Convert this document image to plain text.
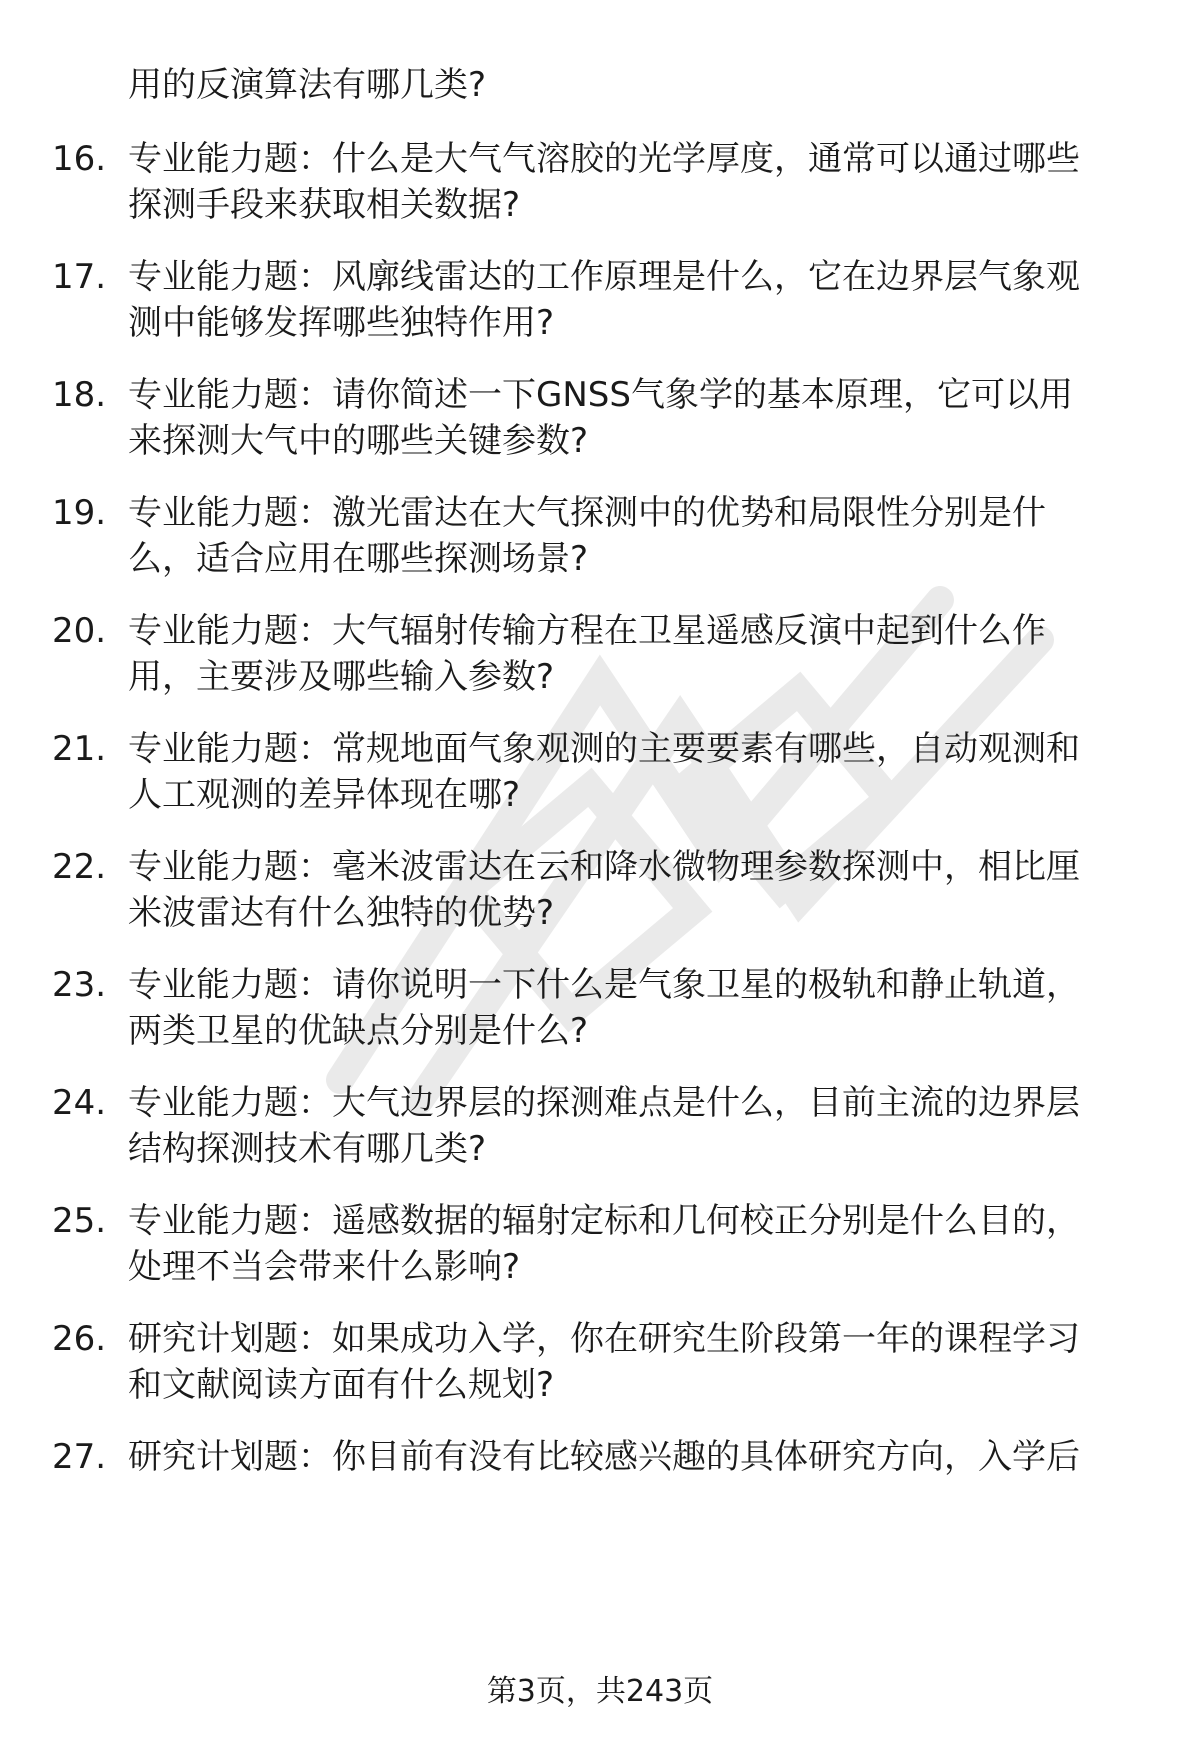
用的反演算法有哪几类?
16. 专业能力题：什么是大气气溶胶的光学厚度，通常可以通过哪些
探测手段来获取相关数据?
17. 专业能力题：风廓线雷达的工作原理是什么，它在边界层气象观
测中能够发挥哪些独特作用?
18. 专业能力题：请你简述一下GNSS气象学的基本原理，它可以用
来探测大气中的哪些关键参数?
19. 专业能力题：激光雷达在大气探测中的优势和局限性分别是什
么，适合应用在哪些探测场景?
20. 专业能力题：大气辐射传输方程在卫星遥感反演中起到什么作
用，主要涉及哪些输入参数?
21. 专业能力题：常规地面气象观测的主要要素有哪些，自动观测和
人工观测的差异体现在哪?
22. 专业能力题：毫米波雷达在云和降水微物理参数探测中，相比厘
米波雷达有什么独特的优势?
23. 专业能力题：请你说明一下什么是气象卫星的极轨和静止轨道，
两类卫星的优缺点分别是什么?
24. 专业能力题：大气边界层的探测难点是什么，目前主流的边界层
结构探测技术有哪几类?
25. 专业能力题：遥感数据的辐射定标和几何校正分别是什么目的，
处理不当会带来什么影响?
26. 研究计划题：如果成功入学，你在研究生阶段第一年的课程学习
和文献阅读方面有什么规划?
27. 研究计划题：你目前有没有比较感兴趣的具体研究方向，入学后
第3页，共243页
